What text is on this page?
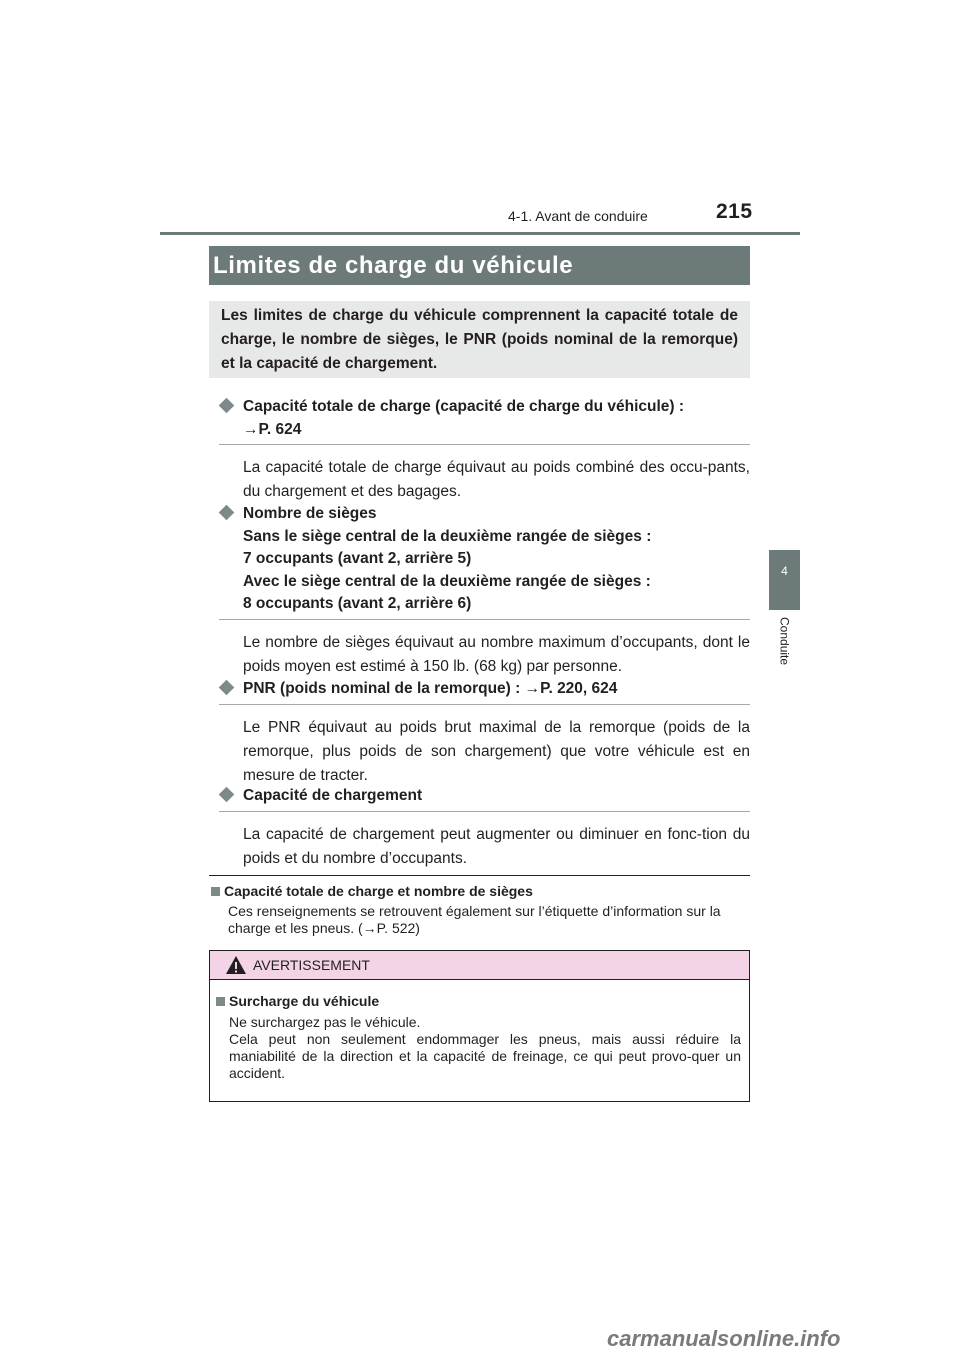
4-1. Avant de conduire	215
4
Conduite
Limites de charge du véhicule
Les limites de charge du véhicule comprennent la capacité totale de charge, le nombre de sièges, le PNR (poids nominal de la remorque) et la capacité de chargement.
Capacité totale de charge (capacité de charge du véhicule) :
→P. 624
La capacité totale de charge équivaut au poids combiné des occu-pants, du chargement et des bagages.
Nombre de sièges
Sans le siège central de la deuxième rangée de sièges :
7 occupants (avant 2, arrière 5)
Avec le siège central de la deuxième rangée de sièges :
8 occupants (avant 2, arrière 6)
Le nombre de sièges équivaut au nombre maximum d’occupants, dont le poids moyen est estimé à 150 lb. (68 kg) par personne.
PNR (poids nominal de la remorque) : →P. 220, 624
Le PNR équivaut au poids brut maximal de la remorque (poids de la remorque, plus poids de son chargement) que votre véhicule est en mesure de tracter.
Capacité de chargement
La capacité de chargement peut augmenter ou diminuer en fonc-tion du poids et du nombre d’occupants.
Capacité totale de charge et nombre de sièges
Ces renseignements se retrouvent également sur l’étiquette d’information sur la charge et les pneus. (→P. 522)
AVERTISSEMENT
Surcharge du véhicule
Ne surchargez pas le véhicule.
Cela peut non seulement endommager les pneus, mais aussi réduire la maniabilité de la direction et la capacité de freinage, ce qui peut provo-quer un accident.
carmanualsonline.info
